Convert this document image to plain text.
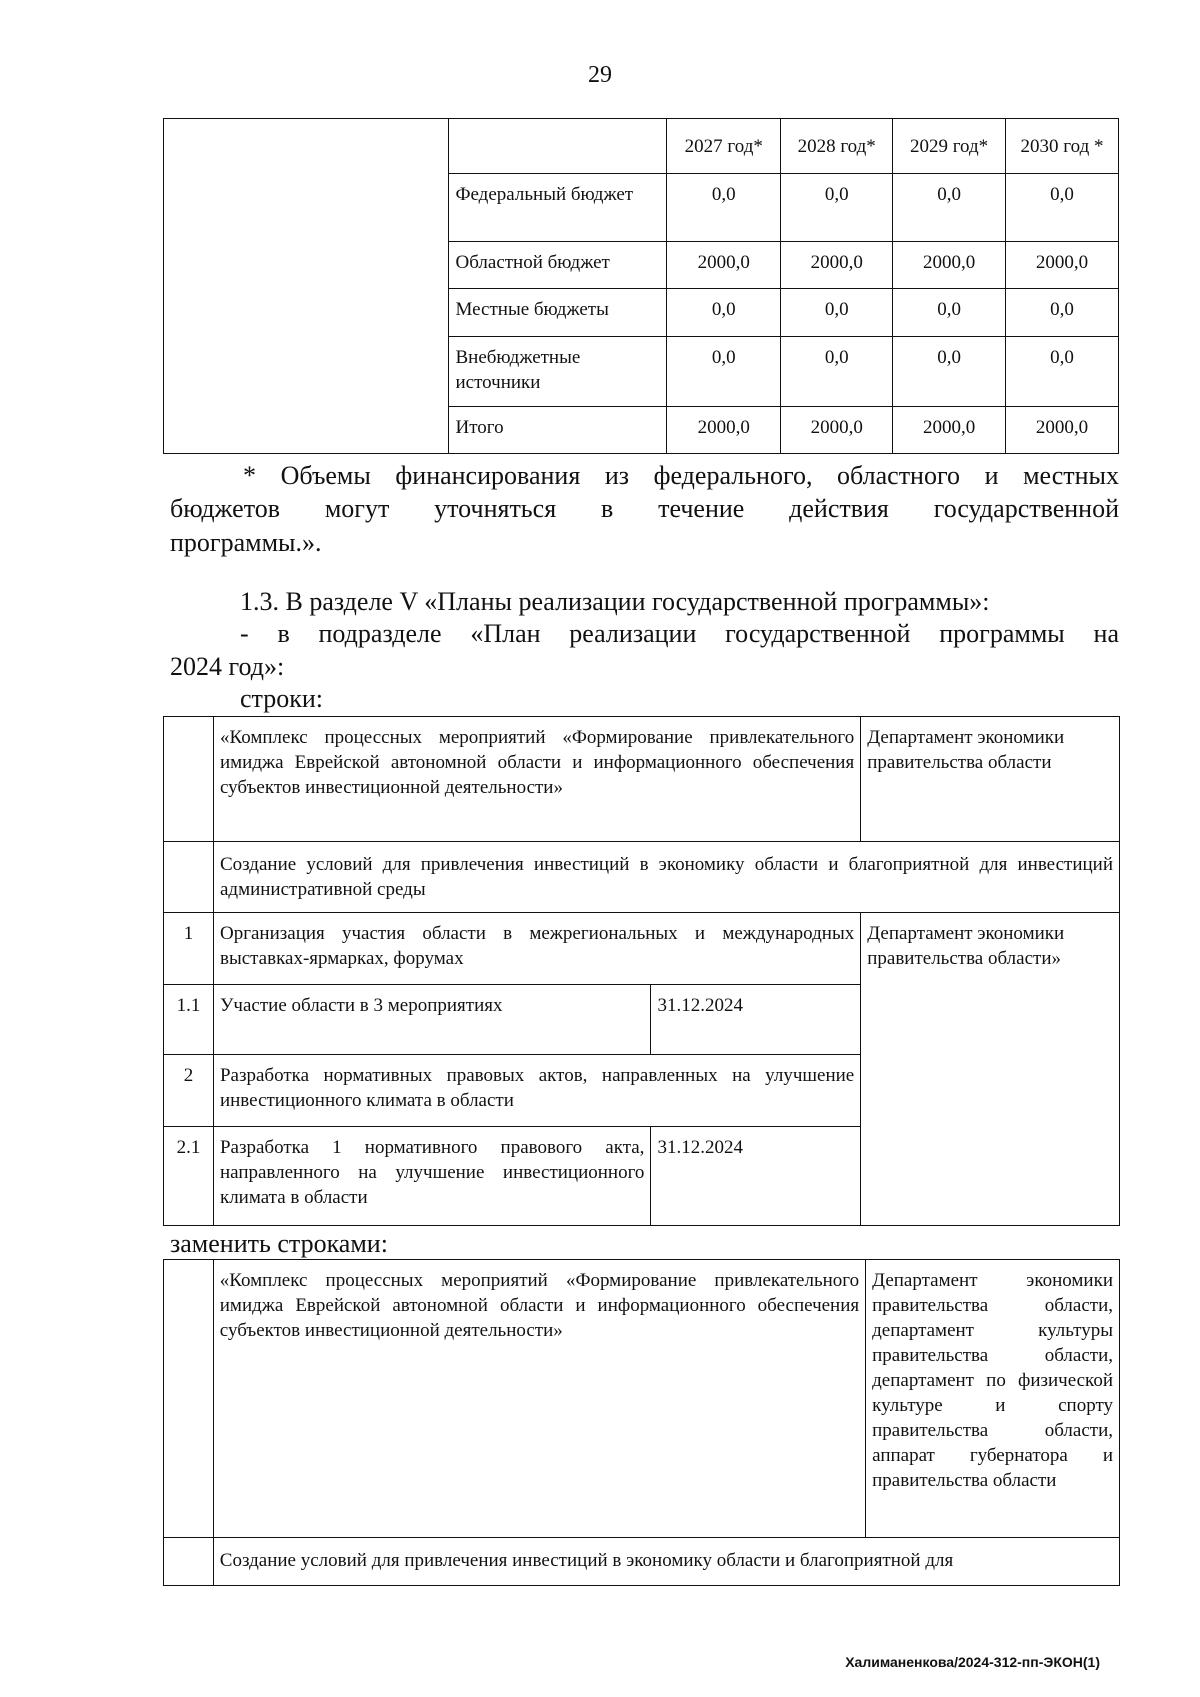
29
		2027 год*	2028 год*	2029 год*	2030 год *
	Федеральный бюджет	0,0	0,0	0,0	0,0
	Областной бюджет	2000,0	2000,0	2000,0	2000,0
	Местные бюджеты	0,0	0,0	0,0	0,0
	Внебюджетные источники	0,0	0,0	0,0	0,0
	Итого	2000,0	2000,0	2000,0	2000,0
* Объемы финансирования из федерального, областного и местных
бюджетов могут уточняться в течение действия государственной
программы.».
1.3. В разделе V «Планы реализации государственной программы»:
- в подразделе «План реализации государственной программы на
2024 год»:
строки:
	«Комплекс процессных мероприятий «Формирование привлекательного имиджа Еврейской автономной области и информационного обеспечения субъектов инвестиционной деятельности»		Департамент экономики правительства области
	Создание условий для привлечения инвестиций в экономику области и благоприятной для инвестиций административной среды		
1	Организация участия области в межрегиональных и международных выставках-ярмарках, форумах		Департамент экономики правительства области»
1.1	Участие области в 3 мероприятиях	31.12.2024	
2	Разработка нормативных правовых актов, направленных на улучшение инвестиционного климата в области		
2.1	Разработка 1 нормативного правового акта, направленного на улучшение инвестиционного климата в области	31.12.2024	
заменить строками:
	«Комплекс процессных мероприятий «Формирование привлекательного имиджа Еврейской автономной области и информационного обеспечения субъектов инвестиционной деятельности»	Департамент экономики правительства области, департамент культуры правительства области, департамент по физической культуре и спорту правительства области, аппарат губернатора и правительства области
	Создание условий для привлечения инвестиций в экономику области и благоприятной для	
Халиманенкова/2024-312-пп-ЭКОН(1)
